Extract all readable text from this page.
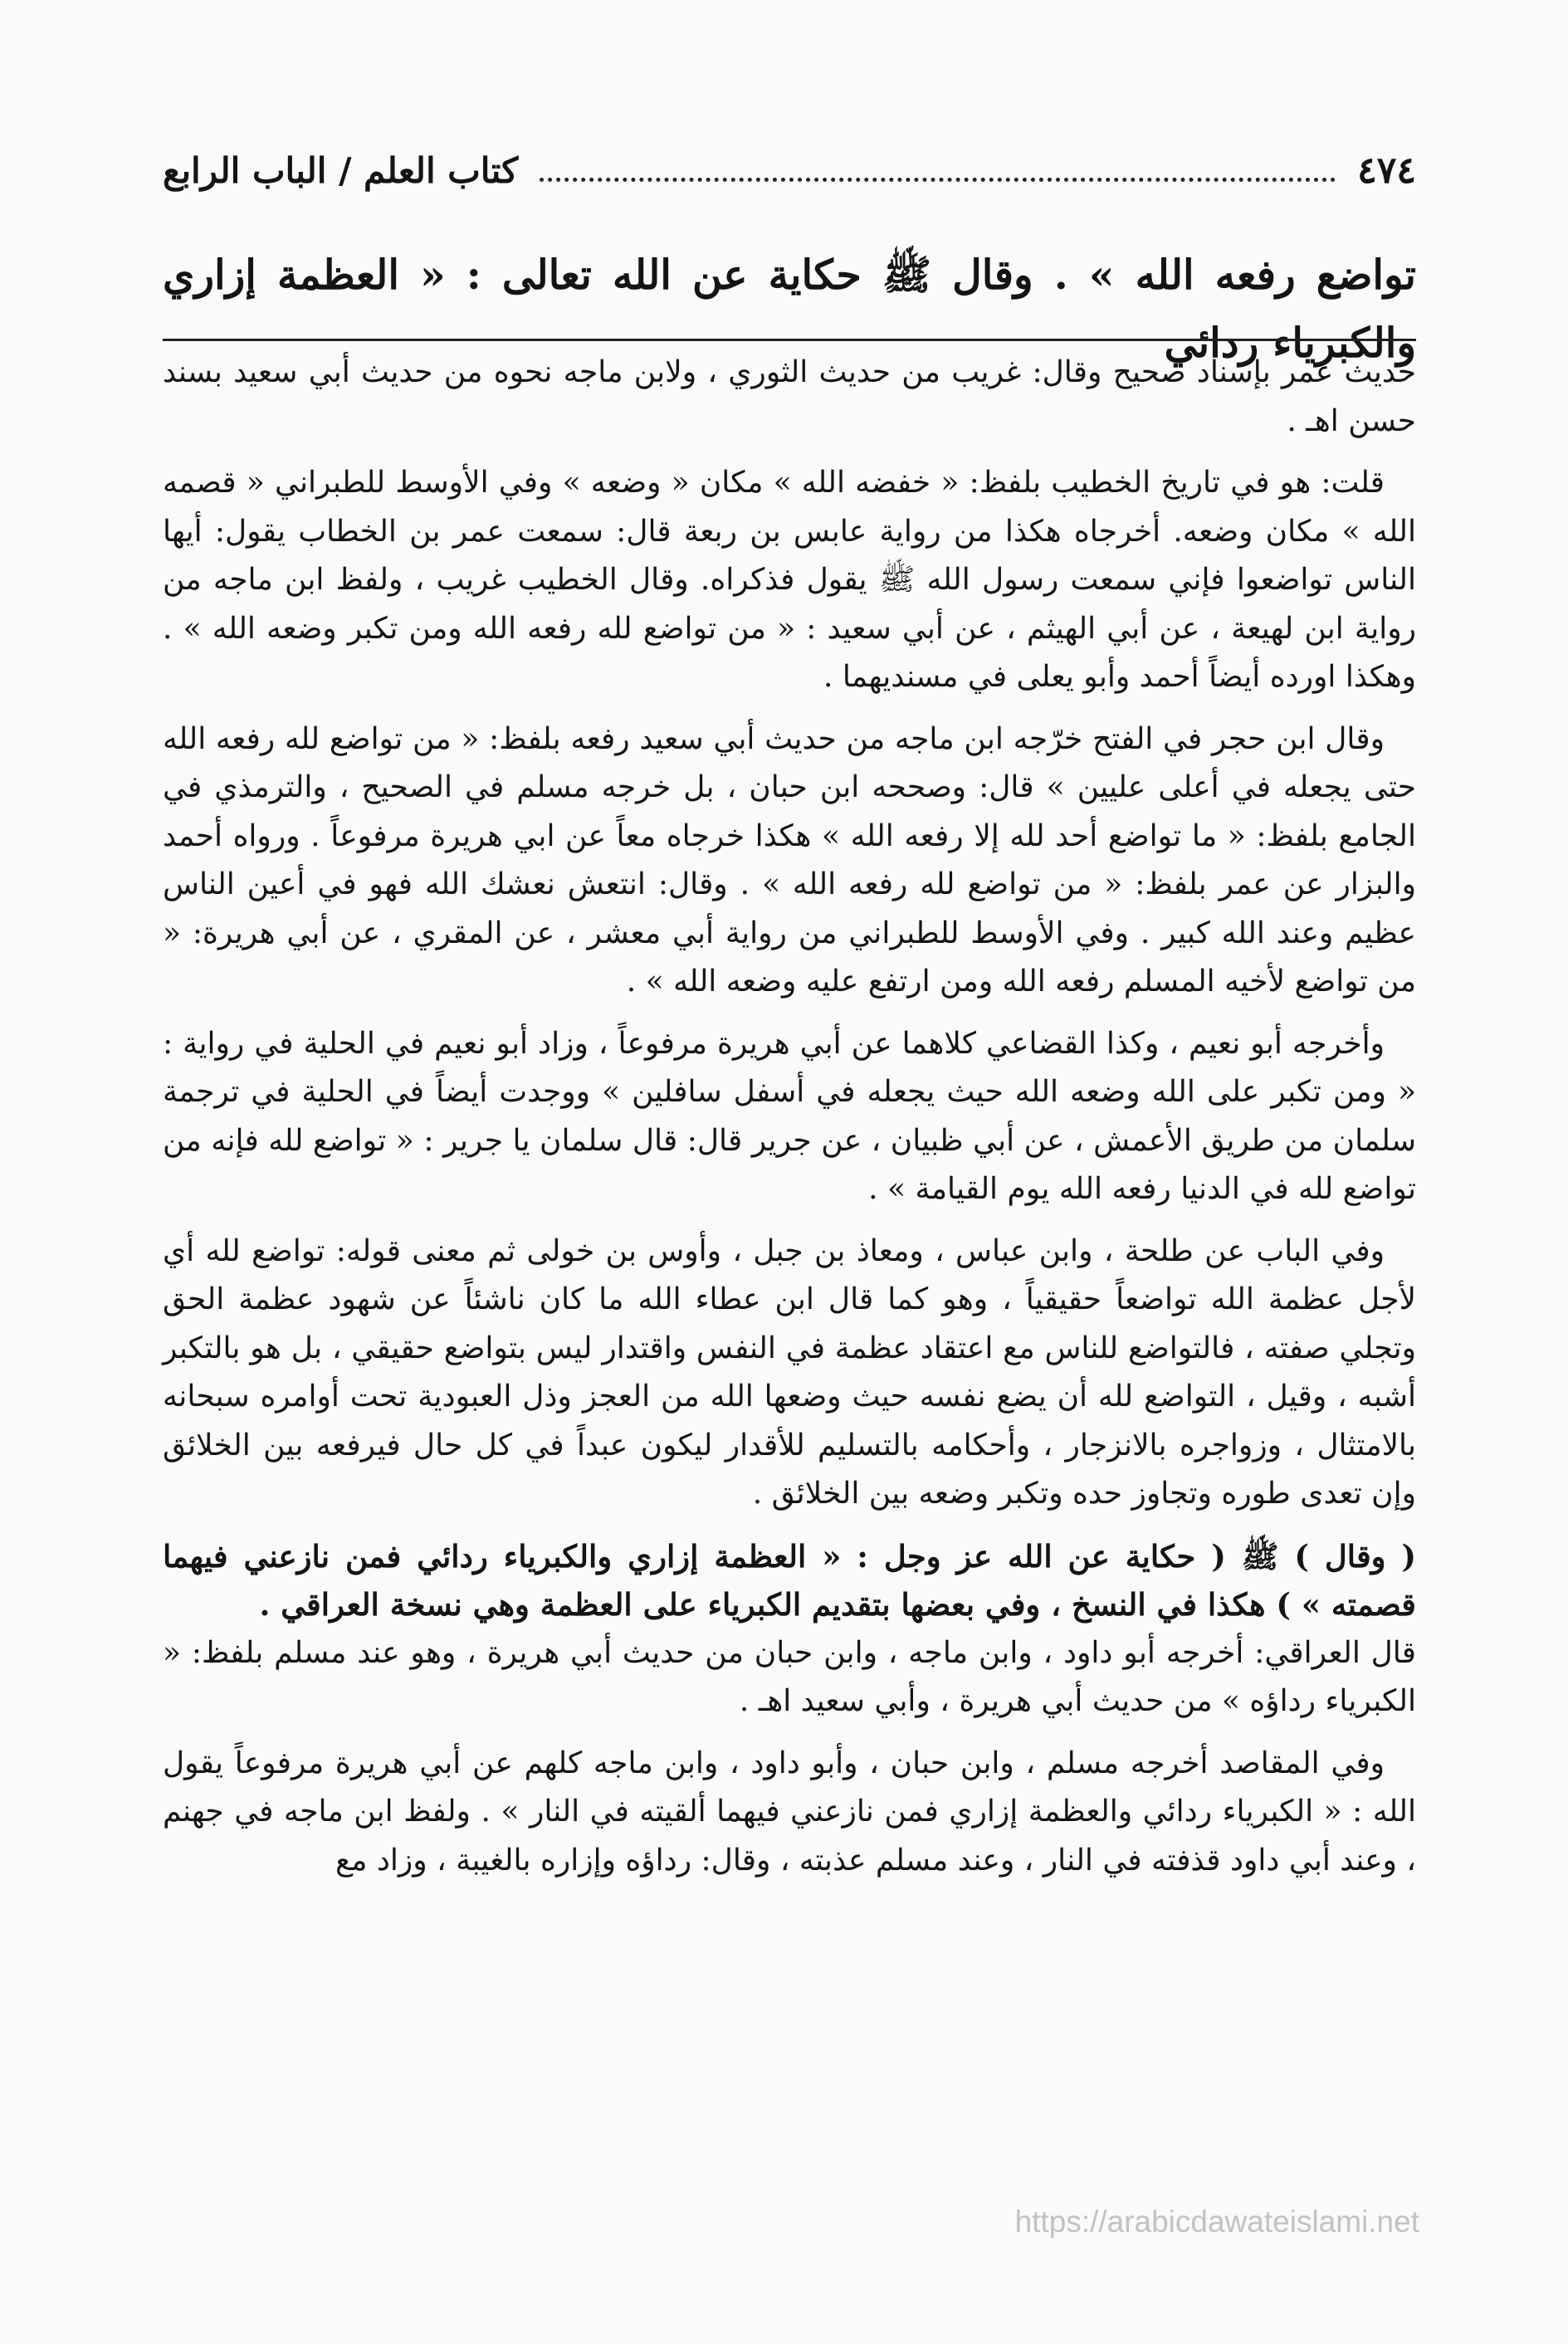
٤٧٤
كتاب العلم / الباب الرابع

تواضع رفعه الله » . وقال ﷺ حكاية عن الله تعالى : « العظمة إزاري والكبرياء ردائي

حديث عمر بإسناد صحيح وقال: غريب من حديث الثوري ، ولابن ماجه نحوه من حديث أبي سعيد بسند حسن اهـ .

قلت: هو في تاريخ الخطيب بلفظ: « خفضه الله » مكان « وضعه » وفي الأوسط للطبراني « قصمه الله » مكان وضعه. أخرجاه هكذا من رواية عابس بن ربعة قال: سمعت عمر بن الخطاب يقول: أيها الناس تواضعوا فإني سمعت رسول الله ﷺ يقول فذكراه. وقال الخطيب غريب ، ولفظ ابن ماجه من رواية ابن لهيعة ، عن أبي الهيثم ، عن أبي سعيد : « من تواضع لله رفعه الله ومن تكبر وضعه الله » . وهكذا اورده أيضاً أحمد وأبو يعلى في مسنديهما .

وقال ابن حجر في الفتح خرّجه ابن ماجه من حديث أبي سعيد رفعه بلفظ: « من تواضع لله رفعه الله حتى يجعله في أعلى عليين » قال: وصححه ابن حبان ، بل خرجه مسلم في الصحيح ، والترمذي في الجامع بلفظ: « ما تواضع أحد لله إلا رفعه الله » هكذا خرجاه معاً عن ابي هريرة مرفوعاً . ورواه أحمد والبزار عن عمر بلفظ: « من تواضع لله رفعه الله » . وقال: انتعش نعشك الله فهو في أعين الناس عظيم وعند الله كبير . وفي الأوسط للطبراني من رواية أبي معشر ، عن المقري ، عن أبي هريرة: « من تواضع لأخيه المسلم رفعه الله ومن ارتفع عليه وضعه الله » .

وأخرجه أبو نعيم ، وكذا القضاعي كلاهما عن أبي هريرة مرفوعاً ، وزاد أبو نعيم في الحلية في رواية : « ومن تكبر على الله وضعه الله حيث يجعله في أسفل سافلين » ووجدت أيضاً في الحلية في ترجمة سلمان من طريق الأعمش ، عن أبي ظبيان ، عن جرير قال: قال سلمان يا جرير : « تواضع لله فإنه من تواضع لله في الدنيا رفعه الله يوم القيامة » .

وفي الباب عن طلحة ، وابن عباس ، ومعاذ بن جبل ، وأوس بن خولى ثم معنى قوله: تواضع لله أي لأجل عظمة الله تواضعاً حقيقياً ، وهو كما قال ابن عطاء الله ما كان ناشئاً عن شهود عظمة الحق وتجلي صفته ، فالتواضع للناس مع اعتقاد عظمة في النفس واقتدار ليس بتواضع حقيقي ، بل هو بالتكبر أشبه ، وقيل ، التواضع لله أن يضع نفسه حيث وضعها الله من العجز وذل العبودية تحت أوامره سبحانه بالامتثال ، وزواجره بالانزجار ، وأحكامه بالتسليم للأقدار ليكون عبداً في كل حال فيرفعه بين الخلائق وإن تعدى طوره وتجاوز حده وتكبر وضعه بين الخلائق .

( وقال ) ﷺ ( حكاية عن الله عز وجل : « العظمة إزاري والكبرياء ردائي فمن نازعني فيهما قصمته » ) هكذا في النسخ ، وفي بعضها بتقديم الكبرياء على العظمة وهي نسخة العراقي .

قال العراقي: أخرجه أبو داود ، وابن ماجه ، وابن حبان من حديث أبي هريرة ، وهو عند مسلم بلفظ: « الكبرياء رداؤه » من حديث أبي هريرة ، وأبي سعيد اهـ .

وفي المقاصد أخرجه مسلم ، وابن حبان ، وأبو داود ، وابن ماجه كلهم عن أبي هريرة مرفوعاً يقول الله : « الكبرياء ردائي والعظمة إزاري فمن نازعني فيهما ألقيته في النار » . ولفظ ابن ماجه في جهنم ، وعند أبي داود قذفته في النار ، وعند مسلم عذبته ، وقال: رداؤه وإزاره بالغيبة ، وزاد مع

https://arabicdawateislami.net
